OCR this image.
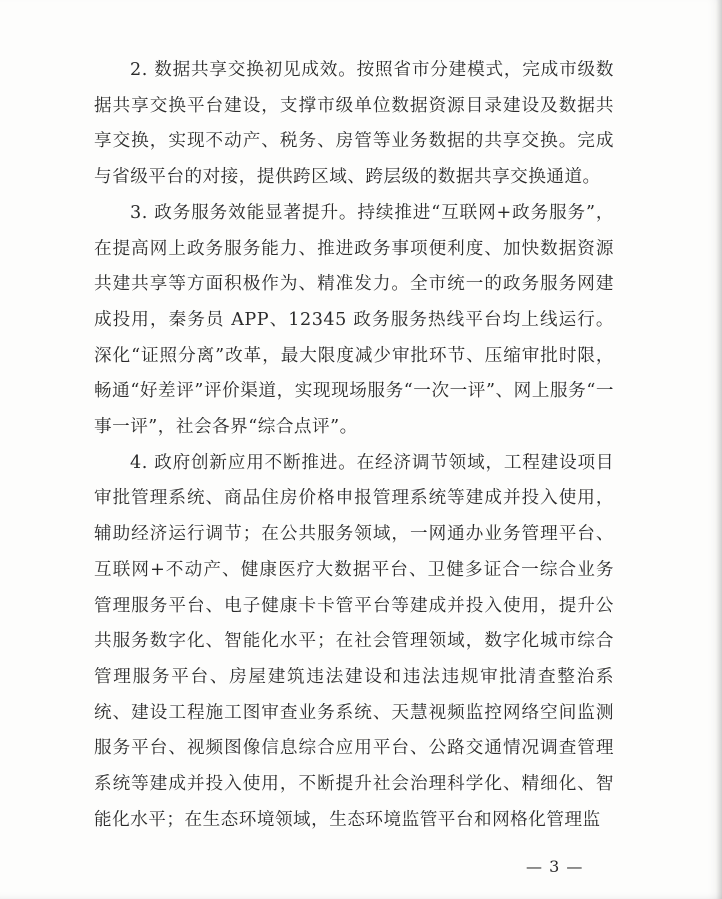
2. 数据共享交换初见成效。按照省市分建模式，完成市级数据共享交换平台建设，支撑市级单位数据资源目录建设及数据共享交换，实现不动产、税务、房管等业务数据的共享交换。完成与省级平台的对接，提供跨区域、跨层级的数据共享交换通道。

3. 政务服务效能显著提升。持续推进“互联网+政务服务”，在提高网上政务服务能力、推进政务事项便利度、加快数据资源共建共享等方面积极作为、精准发力。全市统一的政务服务网建成投用，秦务员 APP、12345 政务服务热线平台均上线运行。深化“证照分离”改革，最大限度减少审批环节、压缩审批时限，畅通“好差评”评价渠道，实现现场服务“一次一评”、网上服务“一事一评”，社会各界“综合点评”。

4. 政府创新应用不断推进。在经济调节领域，工程建设项目审批管理系统、商品住房价格申报管理系统等建成并投入使用，辅助经济运行调节；在公共服务领域，一网通办业务管理平台、互联网+不动产、健康医疗大数据平台、卫健多证合一综合业务管理服务平台、电子健康卡卡管平台等建成并投入使用，提升公共服务数字化、智能化水平；在社会管理领域，数字化城市综合管理服务平台、房屋建筑违法建设和违法违规审批清查整治系统、建设工程施工图审查业务系统、天慧视频监控网络空间监测服务平台、视频图像信息综合应用平台、公路交通情况调查管理系统等建成并投入使用，不断提升社会治理科学化、精细化、智能化水平；在生态环境领域，生态环境监管平台和网格化管理监

— 3 —
